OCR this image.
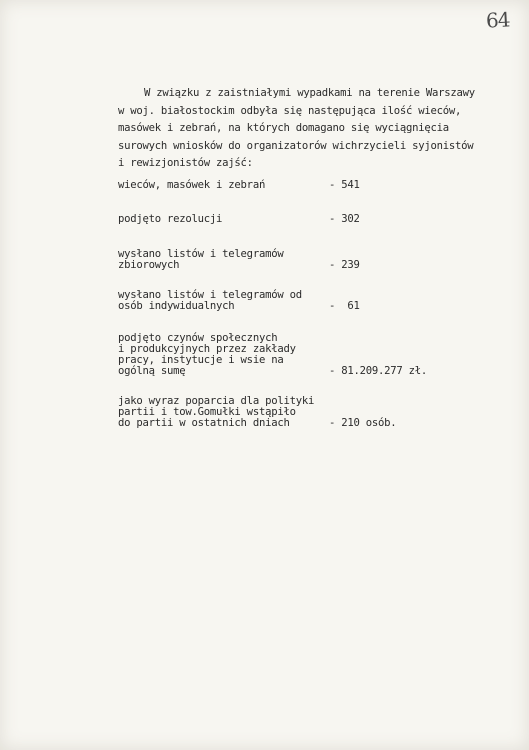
64
W związku z zaistniałymi wypadkami na terenie Warszawy
w woj. białostockim odbyła się następująca ilość wieców,
masówek i zebrań, na których domagano się wyciągnięcia
surowych wniosków do organizatorów wichrzycieli syjonistów
i rewizjonistów zajść:
wieców, masówek i zebrań	- 541
podjęto rezolucji	- 302
wysłano listów i telegramów
zbiorowych	- 239
wysłano listów i telegramów od
osób indywidualnych	-  61
podjęto czynów społecznych
i produkcyjnych przez zakłady
pracy, instytucje i wsie na
ogólną sumę	- 81.209.277 zł.
jako wyraz poparcia dla polityki
partii i tow.Gomułki wstąpiło
do partii w ostatnich dniach	- 210 osób.
